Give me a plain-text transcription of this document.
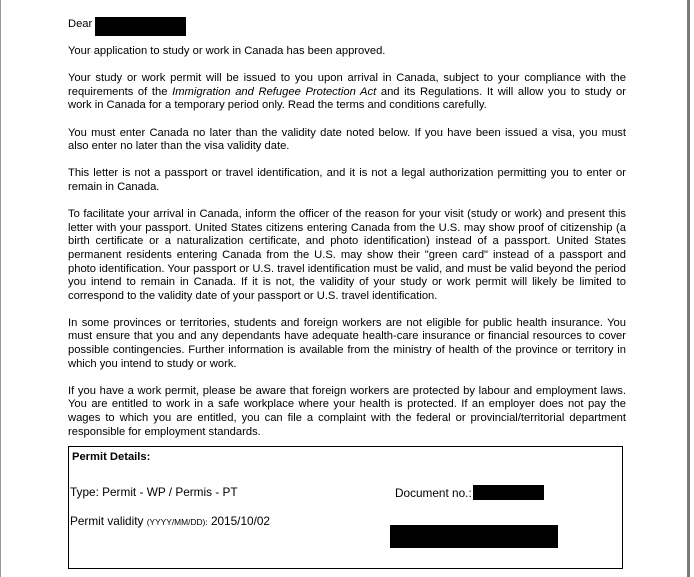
Dear

Your application to study or work in Canada has been approved.

Your study or work permit will be issued to you upon arrival in Canada, subject to your compliance with the requirements of the Immigration and Refugee Protection Act and its Regulations. It will allow you to study or work in Canada for a temporary period only. Read the terms and conditions carefully.

You must enter Canada no later than the validity date noted below. If you have been issued a visa, you must also enter no later than the visa validity date.

This letter is not a passport or travel identification, and it is not a legal authorization permitting you to enter or remain in Canada.

To facilitate your arrival in Canada, inform the officer of the reason for your visit (study or work) and present this letter with your passport. United States citizens entering Canada from the U.S. may show proof of citizenship (a birth certificate or a naturalization certificate, and photo identification) instead of a passport. United States permanent residents entering Canada from the U.S. may show their "green card" instead of a passport and photo identification. Your passport or U.S. travel identification must be valid, and must be valid beyond the period you intend to remain in Canada. If it is not, the validity of your study or work permit will likely be limited to correspond to the validity date of your passport or U.S. travel identification.

In some provinces or territories, students and foreign workers are not eligible for public health insurance. You must ensure that you and any dependants have adequate health-care insurance or financial resources to cover possible contingencies. Further information is available from the ministry of health of the province or territory in which you intend to study or work.

If you have a work permit, please be aware that foreign workers are protected by labour and employment laws. You are entitled to work in a safe workplace where your health is protected. If an employer does not pay the wages to which you are entitled, you can file a complaint with the federal or provincial/territorial department responsible for employment standards.

Permit Details:
Type: Permit - WP / Permis - PT	Document no.:
Permit validity (YYYY/MM/DD): 2015/10/02
